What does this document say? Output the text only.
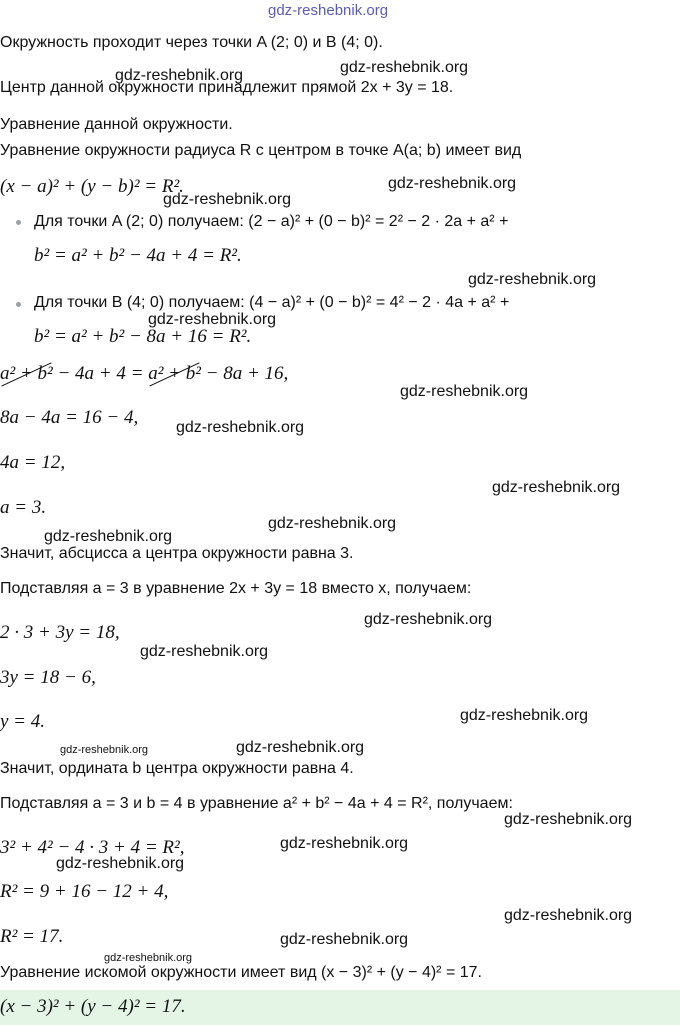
gdz-reshebnik.org
Окружность проходит через точки A (2; 0) и B (4; 0).
Центр данной окружности принадлежит прямой 2x + 3y = 18.
Уравнение данной окружности.
Уравнение окружности радиуса R с центром в точке A(a; b) имеет вид
(x − a)² + (y − b)² = R².
Для точки A (2; 0) получаем: (2 − a)² + (0 − b)² = 2² − 2 · 2a + a² +
b² = a² + b² − 4a + 4 = R².
Для точки B (4; 0) получаем: (4 − a)² + (0 − b)² = 4² − 2 · 4a + a² +
b² = a² + b² − 8a + 16 = R².
a² + b² − 4a + 4 = a² + b² − 8a + 16,
8a − 4a = 16 − 4,
4a = 12,
a = 3.
Значит, абсцисса a центра окружности равна 3.
Подставляя a = 3 в уравнение 2x + 3y = 18 вместо x, получаем:
2 · 3 + 3y = 18,
3y = 18 − 6,
y = 4.
Значит, ордината b центра окружности равна 4.
Подставляя a = 3 и b = 4 в уравнение a² + b² − 4a + 4 = R², получаем:
3² + 4² − 4 · 3 + 4 = R²,
R² = 9 + 16 − 12 + 4,
R² = 17.
Уравнение искомой окружности имеет вид (x − 3)² + (y − 4)² = 17.
(x − 3)² + (y − 4)² = 17.
gdz-reshebnik.org	gdz-reshebnik.org
gdz-reshebnik.org
gdz-reshebnik.org
gdz-reshebnik.org
gdz-reshebnik.org
gdz-reshebnik.org
gdz-reshebnik.org
gdz-reshebnik.org
gdz-reshebnik.org
gdz-reshebnik.org
gdz-reshebnik.org
gdz-reshebnik.org
gdz-reshebnik.org
gdz-reshebnik.org	gdz-reshebnik.org
gdz-reshebnik.org
gdz-reshebnik.org
gdz-reshebnik.org
gdz-reshebnik.org
gdz-reshebnik.org
gdz-reshebnik.org
